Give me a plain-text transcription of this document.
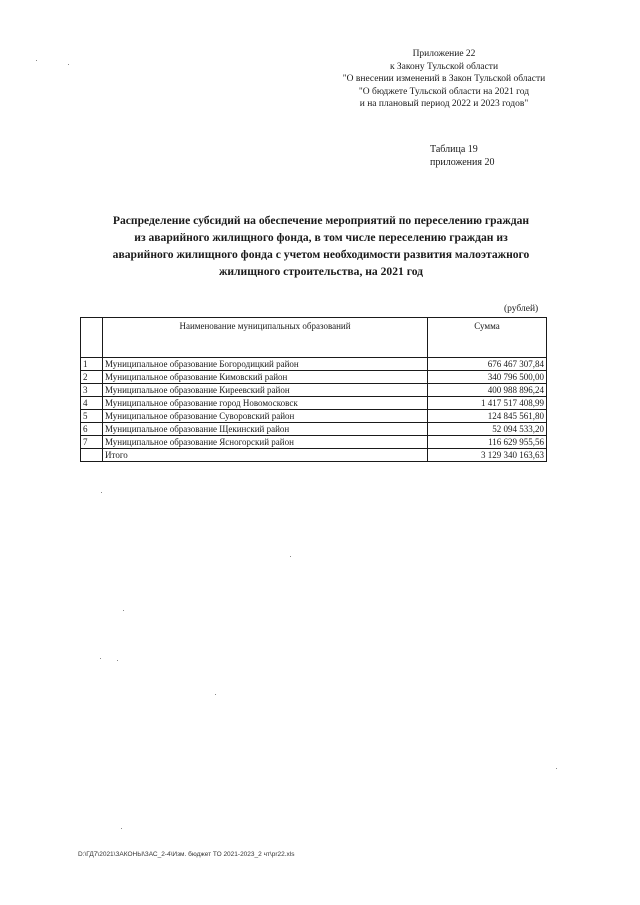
Приложение 22
к Закону Тульской области
"О внесении изменений в Закон Тульской области
"О бюджете Тульской области на 2021 год
и на плановый период 2022 и 2023 годов"
Таблица 19
приложения 20
Распределение субсидий на обеспечение мероприятий по переселению граждан
из аварийного жилищного фонда, в том числе переселению граждан из
аварийного жилищного фонда с учетом необходимости развития малоэтажного
жилищного строительства, на 2021 год
(рублей)
	Наименование муниципальных образований	Сумма
1	Муниципальное образование Богородицкий район	676 467 307,84
2	Муниципальное образование Кимовский район	340 796 500,00
3	Муниципальное образование Киреевский район	400 988 896,24
4	Муниципальное образование город Новомосковск	1 417 517 408,99
5	Муниципальное образование Суворовский район	124 845 561,80
6	Муниципальное образование Щекинский район	52 094 533,20
7	Муниципальное образование Ясногорский район	116 629 955,56
	Итого	3 129 340 163,63
D:\ГД7\2021\ЗАКОНЫ\ЗАС_2-4\Изм. бюджет ТО 2021-2023_2 чт\pr22.xls
